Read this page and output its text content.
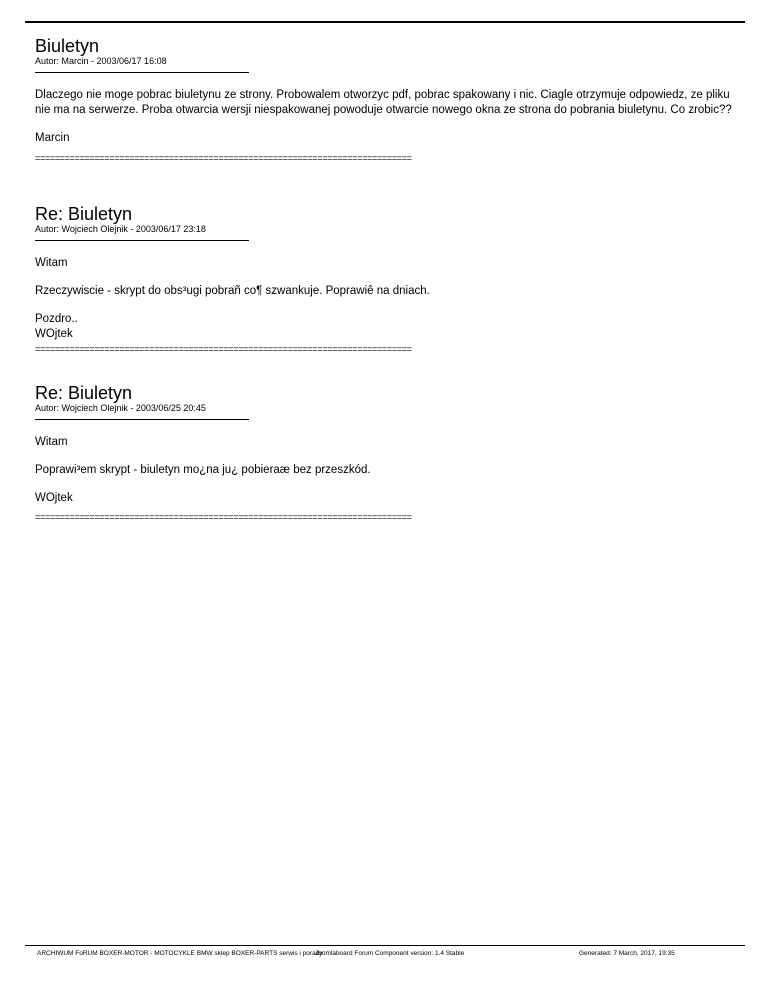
Biuletyn
Autor: Marcin - 2003/06/17 16:08

Dlaczego nie moge pobrac biuletynu ze strony. Probowalem otworzyc pdf, pobrac spakowany i nic. Ciagle otrzymuje odpowiedz, ze pliku nie ma na serwerze. Proba otwarcia wersji niespakowanej powoduje otwarcie nowego okna ze strona do pobrania biuletynu. Co zrobic??

Marcin

============================================================================
Re: Biuletyn
Autor: Wojciech Olejnik - 2003/06/17 23:18

Witam

Rzeczywiscie - skrypt do obs³ugi pobrañ co¶ szwankuje. Poprawiê na dniach.

Pozdro..

WOjtek

============================================================================
Re: Biuletyn
Autor: Wojciech Olejnik - 2003/06/25 20:45

Witam

Poprawi³em skrypt - biuletyn mo¿na ju¿ pobieraæ bez przeszkód.

WOjtek

============================================================================
ARCHIWUM FoRUM BOXER-MOTOR - MOTOCYKLE BMW sklep BOXER-PARTS serwis i porady
Joomlaboard Forum Component version: 1.4 Stable	Generated: 7 March, 2017, 19:35
